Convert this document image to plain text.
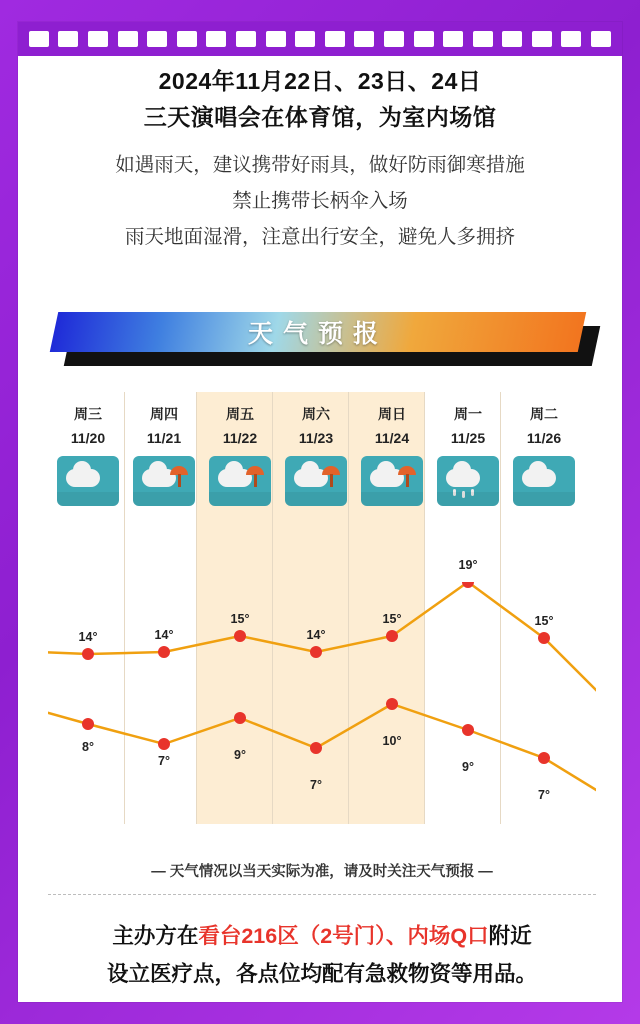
2024年11月22日、23日、24日
三天演唱会在体育馆，为室内场馆
如遇雨天，建议携带好雨具，做好防雨御寒措施
禁止携带长柄伞入场
雨天地面湿滑，注意出行安全，避免人多拥挤
天气预报
周三
11/20
周四
11/21
周五
11/22
周六
11/23
周日
11/24
周一
11/25
周二
11/26
14°	14°
15°
14°
15°
19°
15°
8°
7°	9°
7°
10°
9°
7°
— 天气情况以当天实际为准，请及时关注天气预报 —
主办方在看台216区（2号门）、内场Q口附近
设立医疗点，各点位均配有急救物资等用品。
